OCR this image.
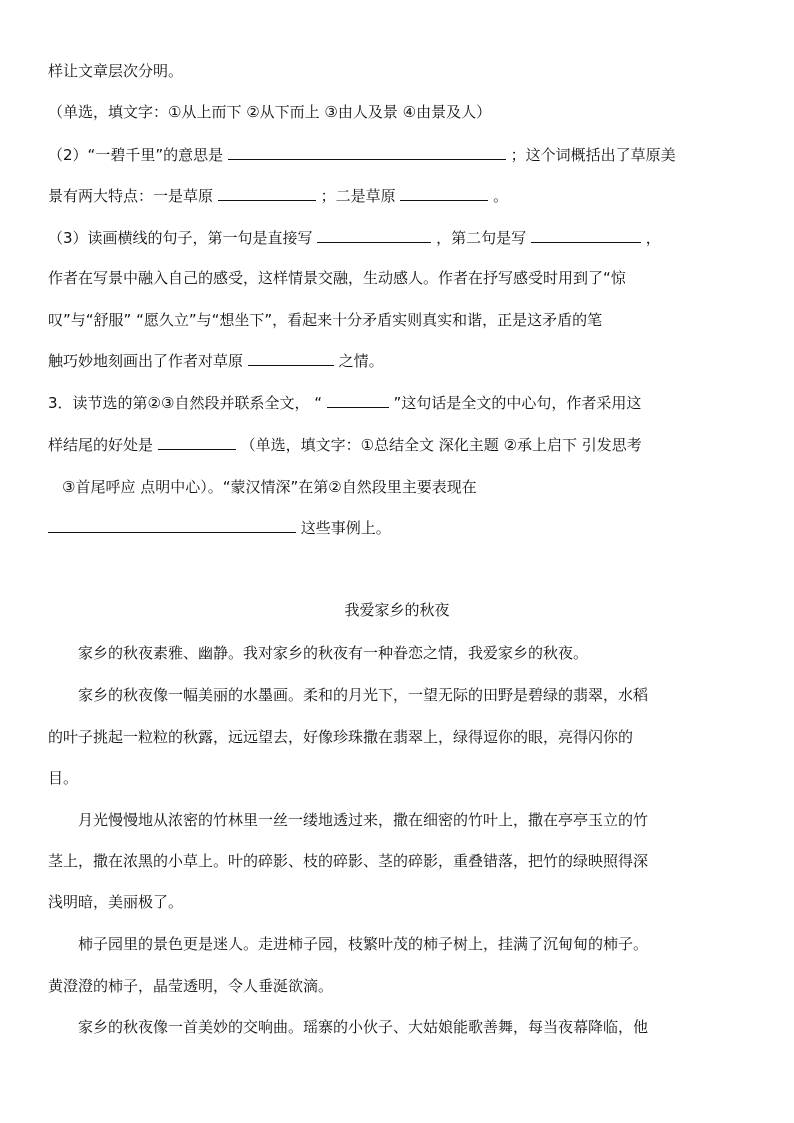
样让文章层次分明。
（单选，填文字：①从上而下 ②从下而上 ③由人及景 ④由景及人）
（2）“一碧千里”的意思是	；这个词概括出了草原美
景有两大特点：一是草原	；二是草原	。
（3）读画横线的句子，第一句是直接写	，第二句是写	，
作者在写景中融入自己的感受，这样情景交融，生动感人。作者在抒写感受时用到了“惊
叹”与“舒服” “愿久立”与“想坐下”，看起来十分矛盾实则真实和谐，正是这矛盾的笔
触巧妙地刻画出了作者对草原	之情。
3．读节选的第②③自然段并联系全文， “	”这句话是全文的中心句，作者采用这
样结尾的好处是	（单选，填文字：①总结全文 深化主题 ②承上启下 引发思考
③首尾呼应 点明中心）。“蒙汉情深”在第②自然段里主要表现在
这些事例上。
我爱家乡的秋夜
家乡的秋夜素雅、幽静。我对家乡的秋夜有一种眷恋之情，我爱家乡的秋夜。
家乡的秋夜像一幅美丽的水墨画。柔和的月光下，一望无际的田野是碧绿的翡翠，水稻
的叶子挑起一粒粒的秋露，远远望去，好像珍珠撒在翡翠上，绿得逗你的眼，亮得闪你的
目。
月光慢慢地从浓密的竹林里一丝一缕地透过来，撒在细密的竹叶上，撒在亭亭玉立的竹
茎上，撒在浓黑的小草上。叶的碎影、枝的碎影、茎的碎影，重叠错落，把竹的绿映照得深
浅明暗，美丽极了。
柿子园里的景色更是迷人。走进柿子园，枝繁叶茂的柿子树上，挂满了沉甸甸的柿子。
黄澄澄的柿子，晶莹透明，令人垂涎欲滴。
家乡的秋夜像一首美妙的交响曲。瑶寨的小伙子、大姑娘能歌善舞，每当夜幕降临，他
